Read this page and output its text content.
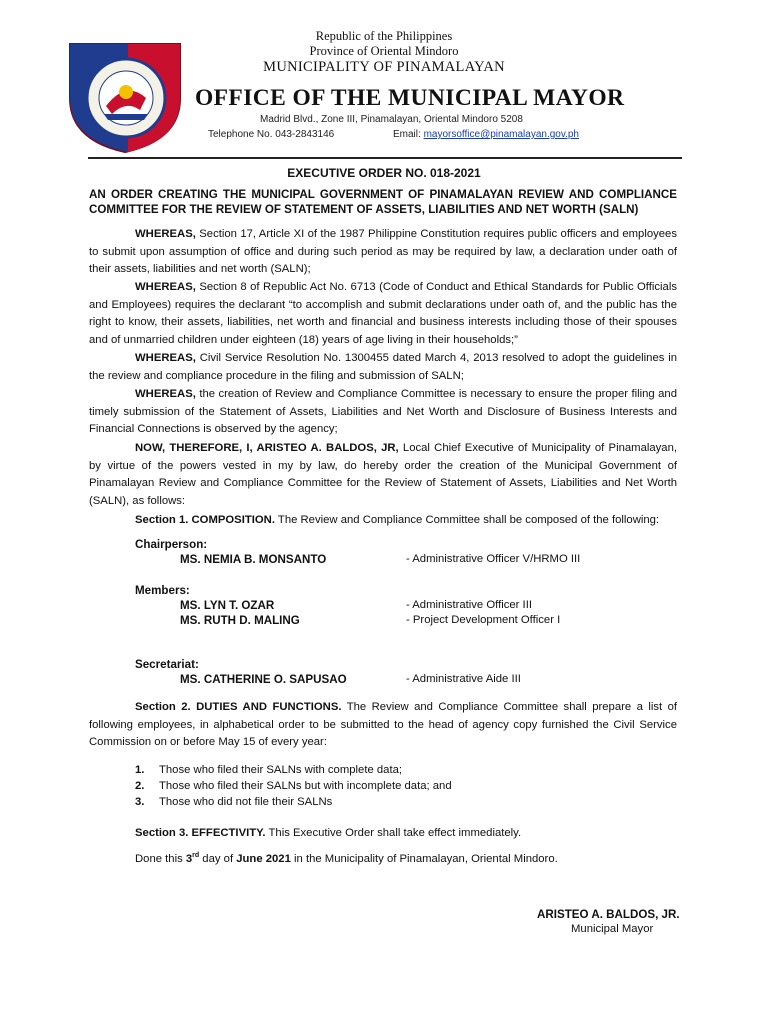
Republic of the Philippines
Province of Oriental Mindoro
MUNICIPALITY OF PINAMALAYAN
OFFICE OF THE MUNICIPAL MAYOR
Madrid Blvd., Zone III, Pinamalayan, Oriental Mindoro 5208
Telephone No. 043-2843146	Email: mayorsoffice@pinamalayan.gov.ph
EXECUTIVE ORDER NO. 018-2021
AN ORDER CREATING THE MUNICIPAL GOVERNMENT OF PINAMALAYAN REVIEW AND COMPLIANCE COMMITTEE FOR THE REVIEW OF STATEMENT OF ASSETS, LIABILITIES AND NET WORTH (SALN)

WHEREAS, Section 17, Article XI of the 1987 Philippine Constitution requires public officers and employees to submit upon assumption of office and during such period as may be required by law, a declaration under oath of their assets, liabilities and net worth (SALN);

WHEREAS, Section 8 of Republic Act No. 6713 (Code of Conduct and Ethical Standards for Public Officials and Employees) requires the declarant “to accomplish and submit declarations under oath of, and the public has the right to know, their assets, liabilities, net worth and financial and business interests including those of their spouses and of unmarried children under eighteen (18) years of age living in their households;”

WHEREAS, Civil Service Resolution No. 1300455 dated March 4, 2013 resolved to adopt the guidelines in the review and compliance procedure in the filing and submission of SALN;

WHEREAS, the creation of Review and Compliance Committee is necessary to ensure the proper filing and timely submission of the Statement of Assets, Liabilities and Net Worth and Disclosure of Business Interests and Financial Connections is observed by the agency;

NOW, THEREFORE, I, ARISTEO A. BALDOS, JR, Local Chief Executive of Municipality of Pinamalayan, by virtue of the powers vested in my by law, do hereby order the creation of the Municipal Government of Pinamalayan Review and Compliance Committee for the Review of Statement of Assets, Liabilities and Net Worth (SALN), as follows:

Section 1. COMPOSITION. The Review and Compliance Committee shall be composed of the following:
Chairperson:
MS. NEMIA B. MONSANTO	- Administrative Officer V/HRMO III
Members:
MS. LYN T. OZAR	- Administrative Officer III
MS. RUTH D. MALING	- Project Development Officer I
Secretariat:
MS. CATHERINE O. SAPUSAO	- Administrative Aide III

Section 2. DUTIES AND FUNCTIONS. The Review and Compliance Committee shall prepare a list of following employees, in alphabetical order to be submitted to the head of agency copy furnished the Civil Service Commission on or before May 15 of every year:

1. Those who filed their SALNs with complete data;
2. Those who filed their SALNs but with incomplete data; and
3. Those who did not file their SALNs
Section 3. EFFECTIVITY. This Executive Order shall take effect immediately.
Done this 3rd day of June 2021 in the Municipality of Pinamalayan, Oriental Mindoro.
ARISTEO A. BALDOS, JR.
Municipal Mayor
